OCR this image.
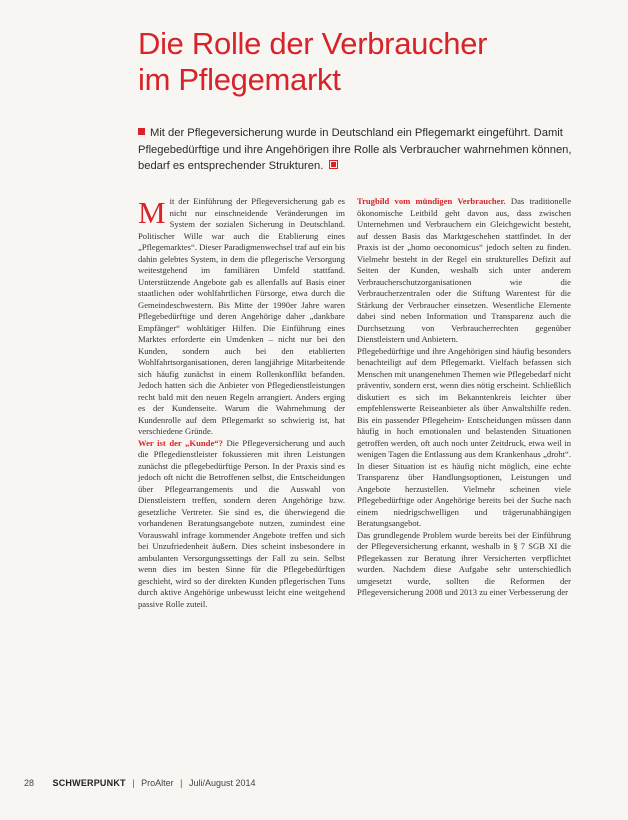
Die Rolle der Verbraucher
im Pflegemarkt
Mit der Pflegeversicherung wurde in Deutschland ein Pflegemarkt eingeführt. Damit Pflegebedürftige und ihre Angehörigen ihre Rolle als Verbraucher wahrnehmen können, bedarf es entsprechender Strukturen.

Mit der Einführung der Pflegeversicherung gab es nicht nur einschneidende Veränderungen im System der sozialen Sicherung in Deutschland. Politischer Wille war auch die Etablierung eines „Pflegemarktes“. Dieser Paradigmenwechsel traf auf ein bis dahin gelebtes System, in dem die pflegerische Versorgung weitestgehend im familiären Umfeld stattfand. Unterstützende Angebote gab es allenfalls auf Basis einer staatlichen oder wohlfahrtlichen Fürsorge, etwa durch die Gemeindeschwestern. Bis Mitte der 1990er Jahre waren Pflegebedürftige und deren Angehörige daher „dankbare Empfänger“ wohltätiger Hilfen. Die Einführung eines Marktes erforderte ein Umdenken – nicht nur bei den Kunden, sondern auch bei den etablierten Wohlfahrtsorganisationen, deren langjährige Mitarbeitende sich häufig zunächst in einem Rollenkonflikt befanden. Jedoch hatten sich die Anbieter von Pflegedienstleistungen recht bald mit den neuen Regeln arrangiert. Anders erging es der Kundenseite. Warum die Wahrnehmung der Kundenrolle auf dem Pflegemarkt so schwierig ist, hat verschiedene Gründe.

Wer ist der „Kunde“? Die Pflegeversicherung und auch die Pflegedienstleister fokussieren mit ihren Leistungen zunächst die pflegebedürftige Person. In der Praxis sind es jedoch oft nicht die Betroffenen selbst, die Entscheidungen über Pflegearrangements und die Auswahl von Dienstleistern treffen, sondern deren Angehörige bzw. gesetzliche Vertreter. Sie sind es, die überwiegend die vorhandenen Beratungsangebote nutzen, zumindest eine Vorauswahl infrage kommender Angebote treffen und sich bei Unzufriedenheit äußern. Dies scheint insbesondere in ambulanten Versorgungssettings der Fall zu sein. Selbst wenn dies im besten Sinne für die Pflegebedürftigen geschieht, wird so der direkten Kunden pflegerischen Tuns durch aktive Angehörige unbewusst leicht eine weitgehend passive Rolle zuteil.

Trugbild vom mündigen Verbraucher. Das traditionelle ökonomische Leitbild geht davon aus, dass zwischen Unternehmen und Verbrauchern ein Gleichgewicht besteht, auf dessen Basis das Marktgeschehen stattfindet. In der Praxis ist der „homo oeconomicus“ jedoch selten zu finden. Vielmehr besteht in der Regel ein strukturelles Defizit auf Seiten der Kunden, weshalb sich unter anderem Verbraucherschutzorganisationen wie die Verbraucherzentralen oder die Stiftung Warentest für die Stärkung der Verbraucher einsetzen. Wesentliche Elemente dabei sind neben Information und Transparenz auch die Durchsetzung von Verbraucherrechten gegenüber Dienstleistern und Anbietern.

Pflegebedürftige und ihre Angehörigen sind häufig besonders benachteiligt auf dem Pflegemarkt. Vielfach befassen sich Menschen mit unangenehmen Themen wie Pflegebedarf nicht präventiv, sondern erst, wenn dies nötig erscheint. Schließlich diskutiert es sich im Bekanntenkreis leichter über empfehlenswerte Reiseanbieter als über Anwaltshilfe reden. Bis ein passender Pflegeheim- Entscheidungen müssen dann häufig in hoch emotionalen und belastenden Situationen getroffen werden, oft auch noch unter Zeitdruck, etwa weil in wenigen Tagen die Entlassung aus dem Krankenhaus „droht“. In dieser Situation ist es häufig nicht möglich, eine echte Transparenz über Handlungsoptionen, Leistungen und Angebote herzustellen. Vielmehr scheinen viele Pflegebedürftige oder Angehörige bereits bei der Suche nach einem niedrigschwelligen und trägerunabhängigen Beratungsangebot.

Das grundlegende Problem wurde bereits bei der Einführung der Pflegeversicherung erkannt, weshalb in § 7 SGB XI die Pflegekassen zur Beratung ihrer Versicherten verpflichtet wurden. Nachdem diese Aufgabe sehr unterschiedlich umgesetzt wurde, sollten die Reformen der Pflegeversicherung 2008 und 2013 zu einer Verbesserung der

28 SCHWERPUNKT | ProAlter | Juli/August 2014
